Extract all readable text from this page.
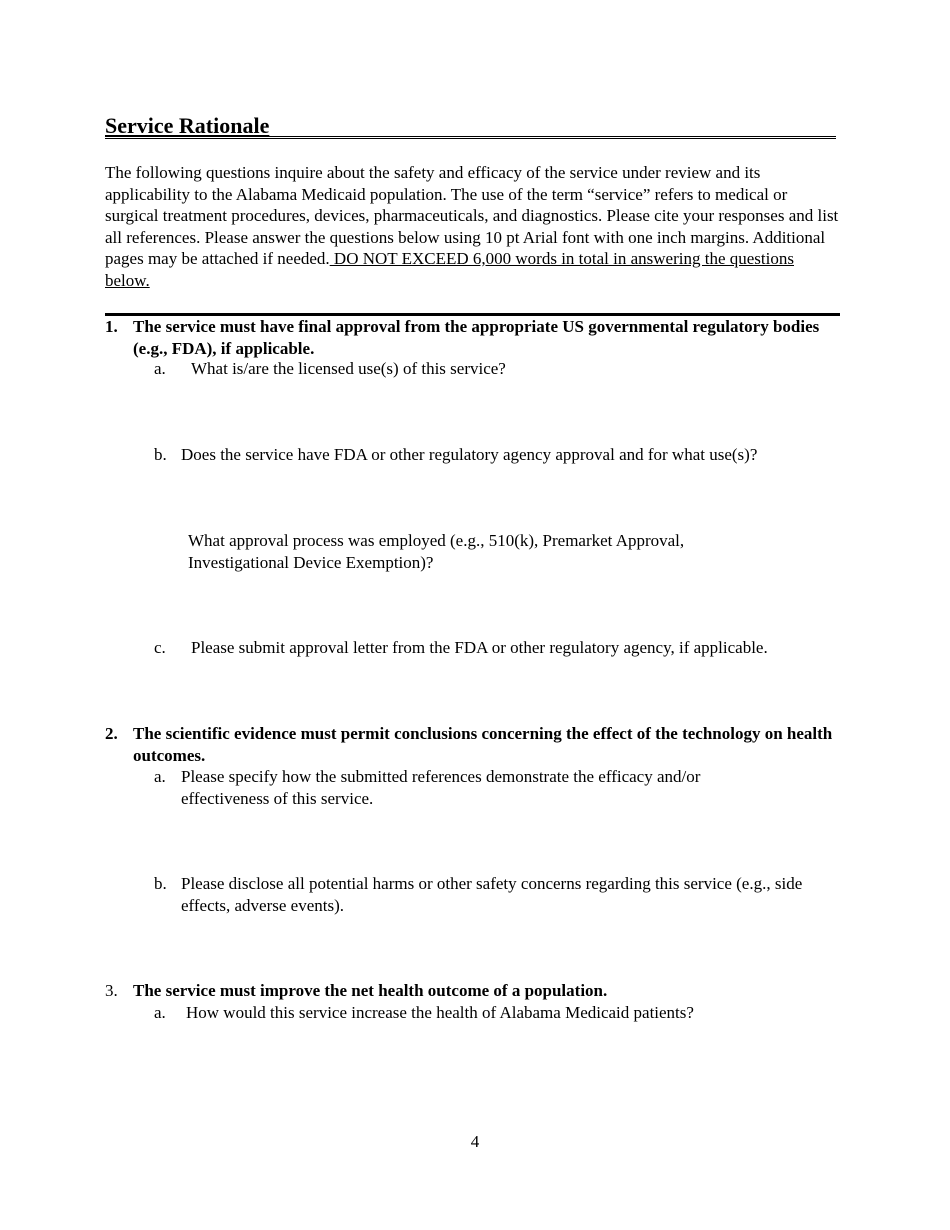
Service Rationale
The following questions inquire about the safety and efficacy of the service under review and its applicability to the Alabama Medicaid population. The use of the term “service” refers to medical or surgical treatment procedures, devices, pharmaceuticals, and diagnostics. Please cite your responses and list all references. Please answer the questions below using 10 pt Arial font with one inch margins. Additional pages may be attached if needed. DO NOT EXCEED 6,000 words in total in answering the questions below.
1. The service must have final approval from the appropriate US governmental regulatory bodies (e.g., FDA), if applicable.
a. What is/are the licensed use(s) of this service?
b. Does the service have FDA or other regulatory agency approval and for what use(s)?
What approval process was employed (e.g., 510(k), Premarket Approval, Investigational Device Exemption)?
c. Please submit approval letter from the FDA or other regulatory agency, if applicable.
2. The scientific evidence must permit conclusions concerning the effect of the technology on health outcomes.
a. Please specify how the submitted references demonstrate the efficacy and/or effectiveness of this service.
b. Please disclose all potential harms or other safety concerns regarding this service (e.g., side effects, adverse events).
3. The service must improve the net health outcome of a population.
a. How would this service increase the health of Alabama Medicaid patients?
4
